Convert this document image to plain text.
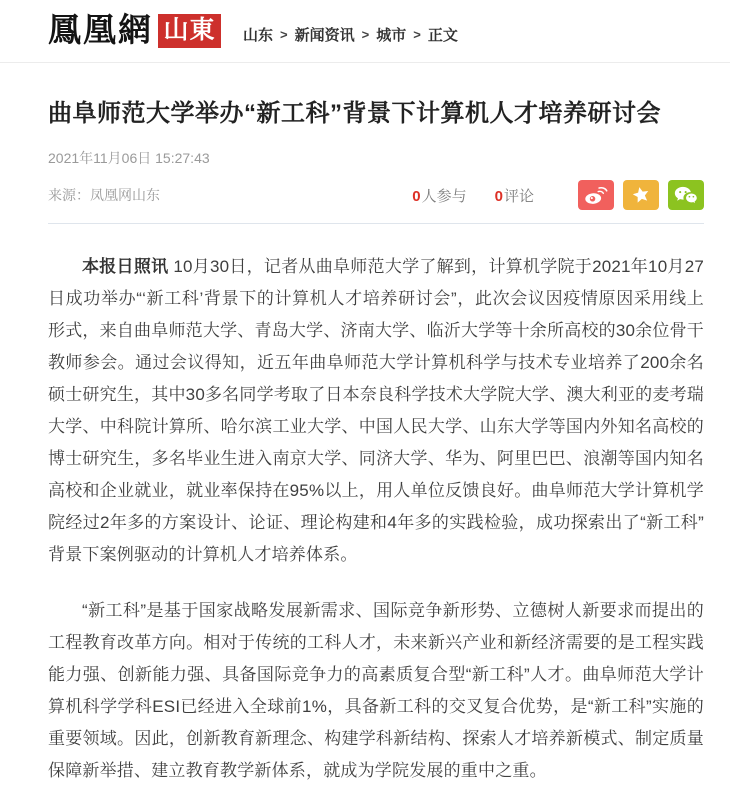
鳳凰網 山東	山东 > 新闻资讯 > 城市 > 正文
曲阜师范大学举办“新工科”背景下计算机人才培养研讨会
2021年11月06日 15:27:43
来源：凤凰网山东	0人参与 0评论

本报日照讯 10月30日，记者从曲阜师范大学了解到，计算机学院于2021年10月27日成功举办“‘新工科’背景下的计算机人才培养研讨会”，此次会议因疫情原因采用线上形式，来自曲阜师范大学、青岛大学、济南大学、临沂大学等十余所高校的30余位骨干教师参会。通过会议得知，近五年曲阜师范大学计算机科学与技术专业培养了200余名硕士研究生，其中30多名同学考取了日本奈良科学技术大学院大学、澳大利亚的麦考瑞大学、中科院计算所、哈尔滨工业大学、中国人民大学、山东大学等国内外知名高校的博士研究生，多名毕业生进入南京大学、同济大学、华为、阿里巴巴、浪潮等国内知名高校和企业就业，就业率保持在95%以上，用人单位反馈良好。曲阜师范大学计算机学院经过2年多的方案设计、论证、理论构建和4年多的实践检验，成功探索出了“新工科”背景下案例驱动的计算机人才培养体系。

“新工科”是基于国家战略发展新需求、国际竞争新形势、立德树人新要求而提出的工程教育改革方向。相对于传统的工科人才，未来新兴产业和新经济需要的是工程实践能力强、创新能力强、具备国际竞争力的高素质复合型“新工科”人才。曲阜师范大学计算机科学学科ESI已经进入全球前1%，具备新工科的交叉复合优势，是“新工科”实施的重要领域。因此，创新教育新理念、构建学科新结构、探索人才培养新模式、制定质量保障新举措、建立教育教学新体系，就成为学院发展的重中之重。
